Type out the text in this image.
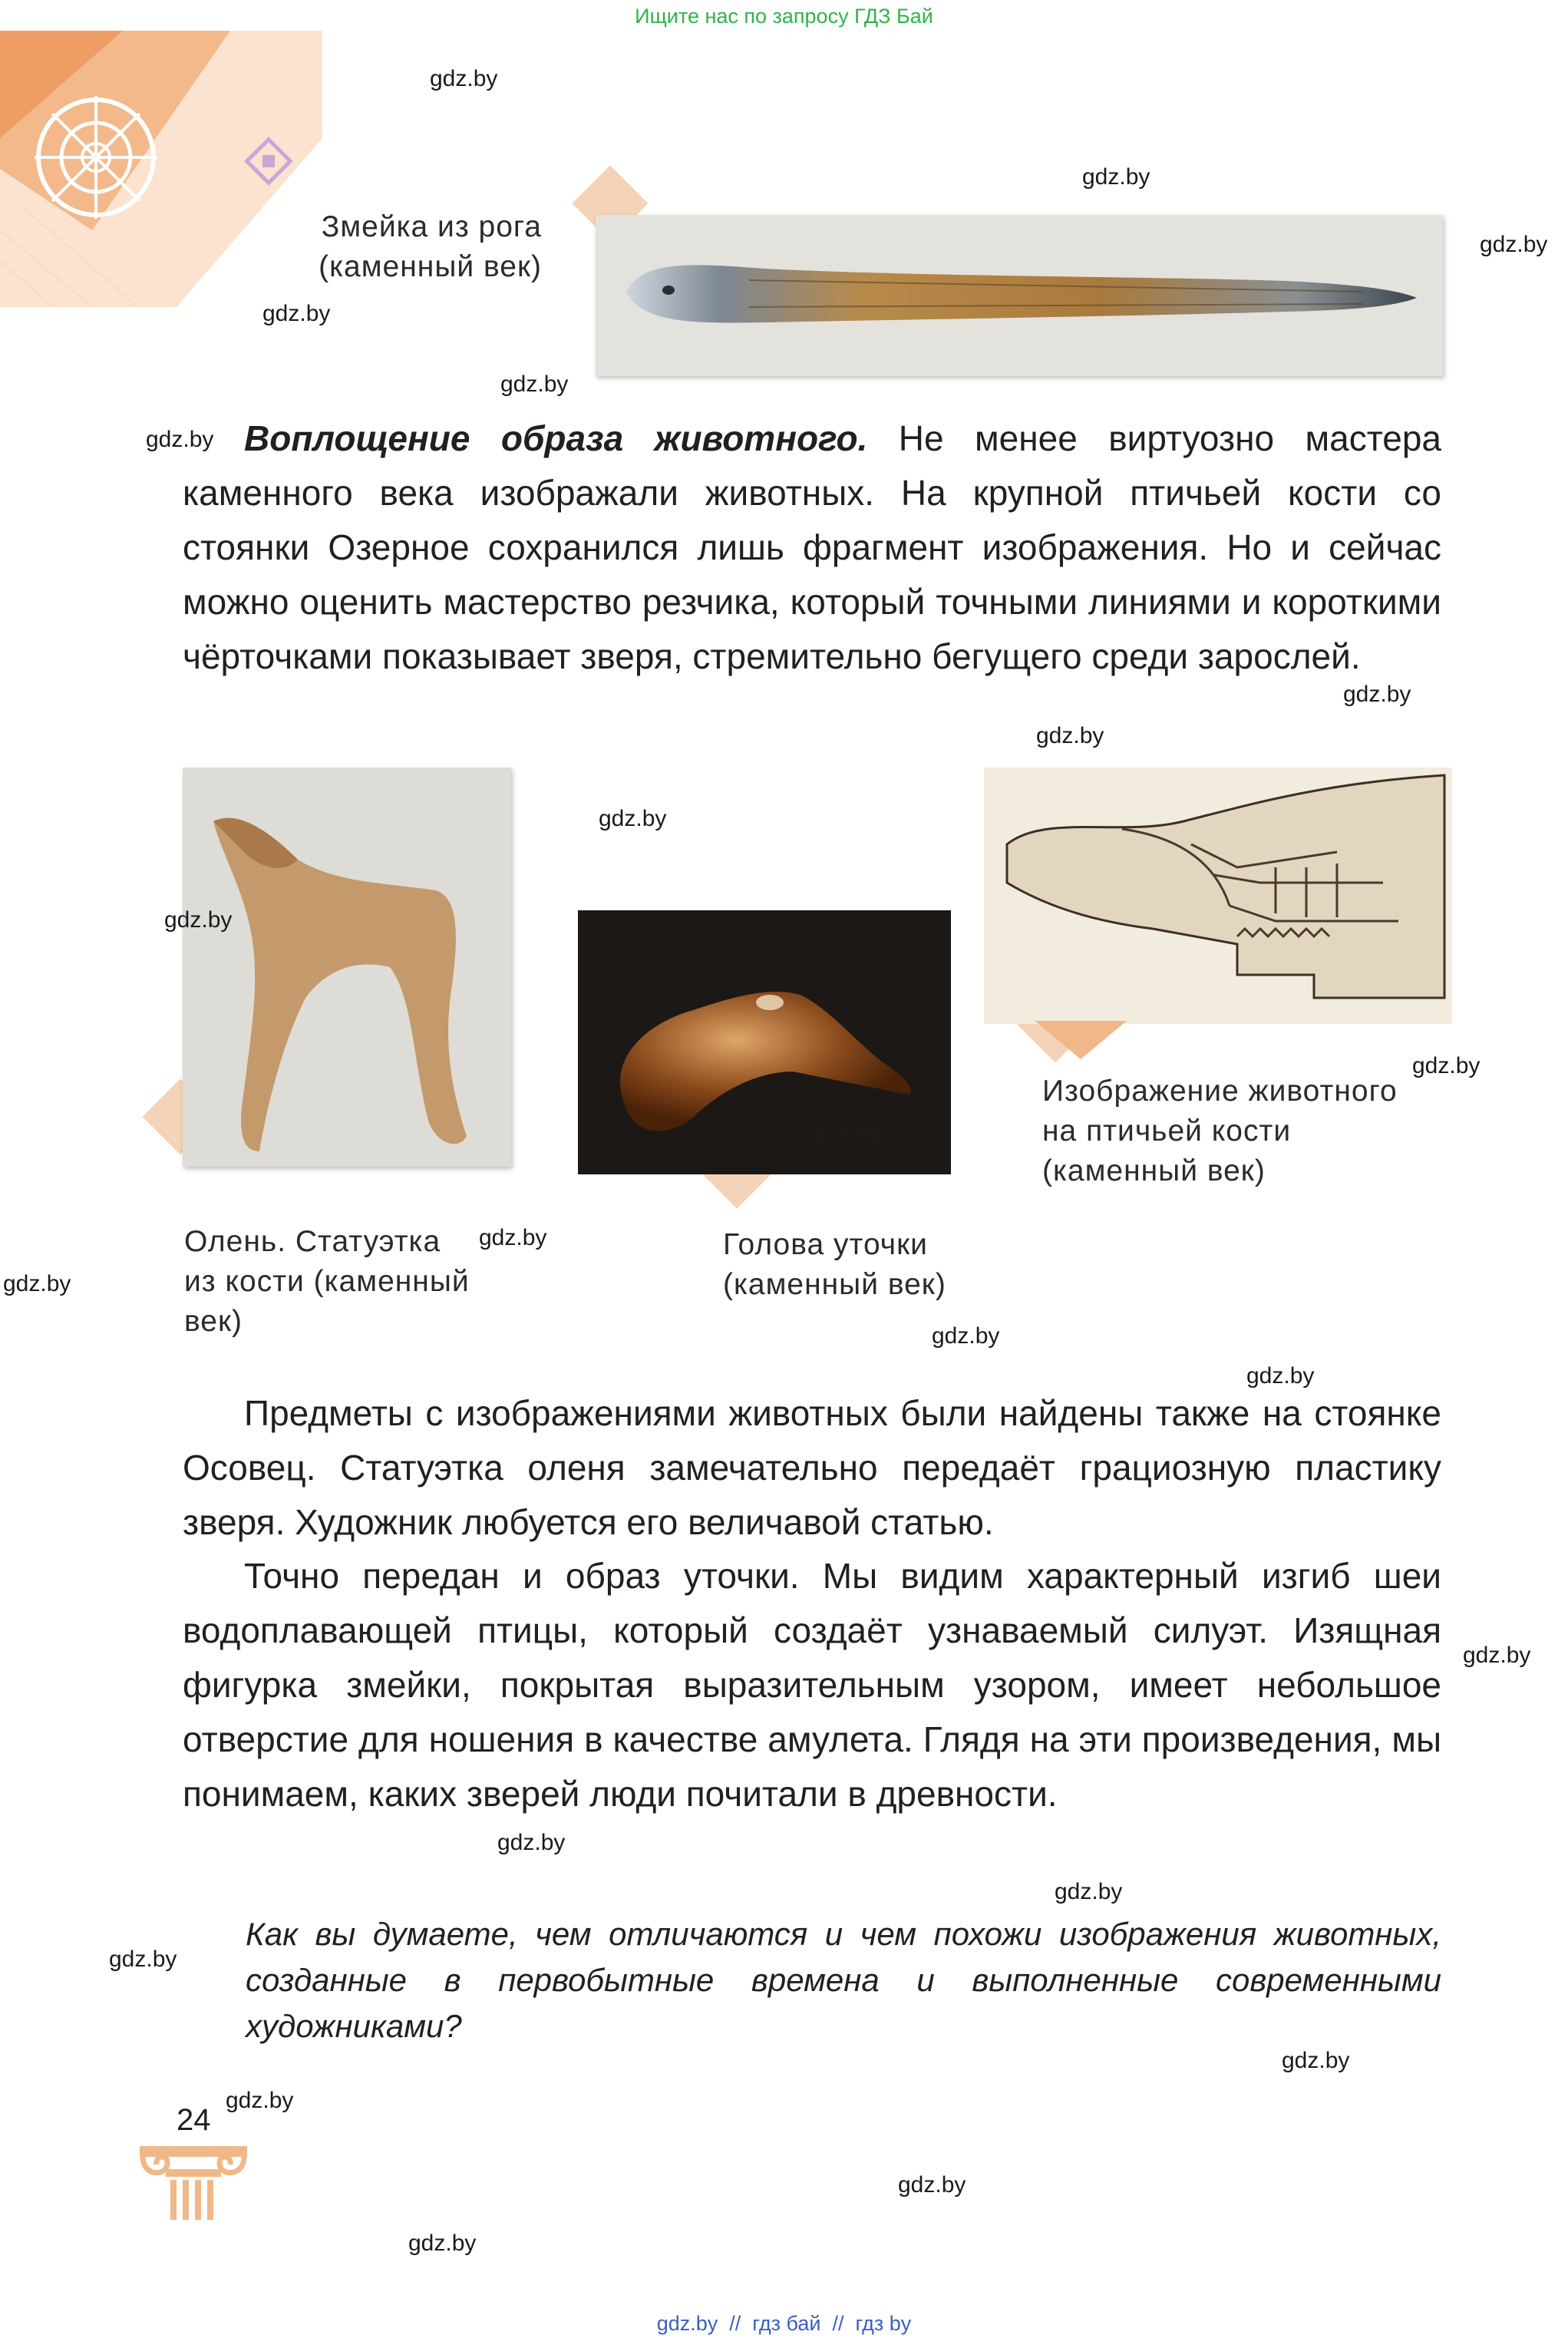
Ищите нас по запросу ГДЗ Бай
Змейка из рога
(каменный век)
Воплощение образа животного. Не менее виртуозно мастера каменного века изображали животных. На крупной птичьей кости со стоянки Озерное сохранился лишь фрагмент изображения. Но и сейчас можно оценить мастерство резчика, который точными линиями и короткими чёрточками показывает зверя, стремительно бегущего среди зарослей.
Олень. Статуэтка
из кости (каменный
век)
Голова уточки
(каменный век)
Изображение животного
на птичьей кости
(каменный век)
Предметы с изображениями животных были найдены также на стоянке Осовец. Статуэтка оленя замечательно передаёт грациозную пластику зверя. Художник любуется его величавой статью.
Точно передан и образ уточки. Мы видим характерный изгиб шеи водоплавающей птицы, который создаёт узнаваемый силуэт. Изящная фигурка змейки, покрытая выразительным узором, имеет небольшое отверстие для ношения в качестве амулета. Глядя на эти произведения, мы понимаем, каких зверей люди почитали в древности.
Как вы думаете, чем отличаются и чем похожи изображения животных, созданные в первобытные времена и выполненные современными художниками?
24
gdz.by
gdz.by
gdz.by
gdz.by
gdz.by
gdz.by
gdz.by
gdz.by
gdz.by
gdz.by
gdz.by
gdz.by
gdz.by
gdz.by
gdz.by
gdz.by
gdz.by
gdz.by
gdz.by
gdz.by
gdz.by
gdz.by
gdz.by
gdz.by
gdz.by  //  гдз бай  //  гдз by
